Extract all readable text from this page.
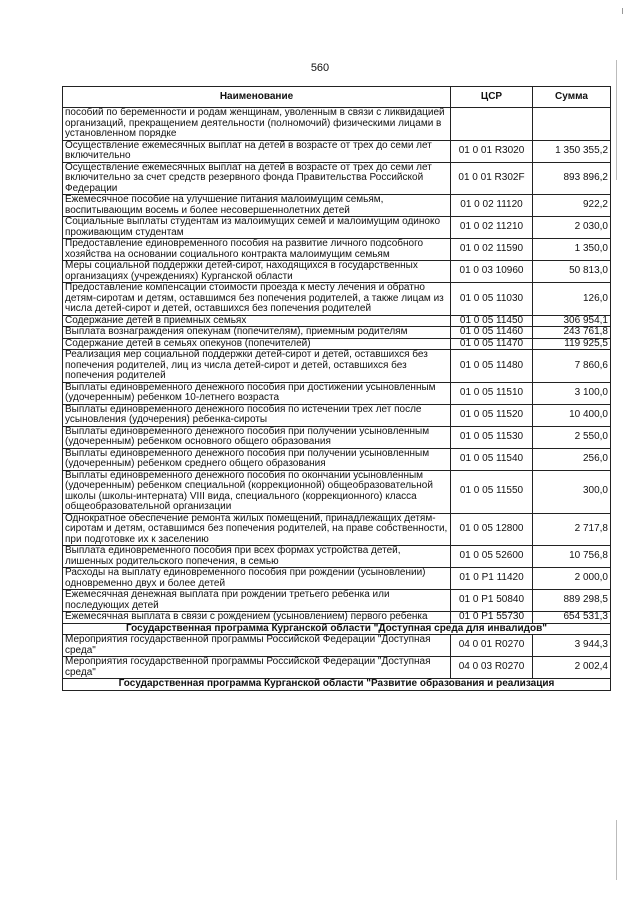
560
Наименование	ЦСР	Сумма
пособий по беременности и родам женщинам, уволенным в связи с ликвидацией организаций, прекращением деятельности (полномочий) физическими лицами в установленном порядке		
Осуществление ежемесячных выплат на детей в возрасте от трех до семи лет включительно	01 0 01 R3020	1 350 355,2
Осуществление ежемесячных выплат на детей в возрасте от трех до семи лет включительно за счет средств резервного фонда Правительства Российской Федерации	01 0 01 R302F	893 896,2
Ежемесячное пособие на улучшение питания малоимущим семьям, воспитывающим восемь и более несовершеннолетних детей	01 0 02 11120	922,2
Социальные выплаты студентам из малоимущих семей и малоимущим одиноко проживающим студентам	01 0 02 11210	2 030,0
Предоставление единовременного пособия на развитие личного подсобного хозяйства на основании социального контракта малоимущим семьям	01 0 02 11590	1 350,0
Меры социальной поддержки детей-сирот, находящихся в государственных организациях (учреждениях) Курганской области	01 0 03 10960	50 813,0
Предоставление компенсации стоимости проезда к месту лечения и обратно детям-сиротам и детям, оставшимся без попечения родителей, а также лицам из числа детей-сирот и детей, оставшихся без попечения родителей	01 0 05 11030	126,0
Содержание детей в приемных семьях	01 0 05 11450	306 954,1
Выплата вознаграждения опекунам (попечителям), приемным родителям	01 0 05 11460	243 761,8
Содержание детей в семьях опекунов (попечителей)	01 0 05 11470	119 925,5
Реализация мер социальной поддержки детей-сирот и детей, оставшихся без попечения родителей, лиц из числа детей-сирот и детей, оставшихся без попечения родителей	01 0 05 11480	7 860,6
Выплаты единовременного денежного пособия при достижении усыновленным (удочеренным) ребенком 10-летнего возраста	01 0 05 11510	3 100,0
Выплаты единовременного денежного пособия по истечении трех лет после усыновления (удочерения) ребенка-сироты	01 0 05 11520	10 400,0
Выплаты единовременного денежного пособия при получении усыновленным (удочеренным) ребенком основного общего образования	01 0 05 11530	2 550,0
Выплаты единовременного денежного пособия при получении усыновленным (удочеренным) ребенком среднего общего образования	01 0 05 11540	256,0
Выплаты единовременного денежного пособия по окончании усыновленным (удочеренным) ребенком специальной (коррекционной) общеобразовательной школы (школы-интерната) VIII вида, специального (коррекционного) класса общеобразовательной организации	01 0 05 11550	300,0
Однократное обеспечение ремонта жилых помещений, принадлежащих детям-сиротам и детям, оставшимся без попечения родителей, на праве собственности, при подготовке их к заселению	01 0 05 12800	2 717,8
Выплата единовременного пособия при всех формах устройства детей, лишенных родительского попечения, в семью	01 0 05 52600	10 756,8
Расходы на выплату единовременного пособия при рождении (усыновлении) одновременно двух и более детей	01 0 Р1 11420	2 000,0
Ежемесячная денежная выплата при рождении третьего ребенка или последующих детей	01 0 Р1 50840	889 298,5
Ежемесячная выплата в связи с рождением (усыновлением) первого ребенка	01 0 Р1 55730	654 531,3
Государственная программа Курганской области "Доступная среда для инвалидов"		
Мероприятия государственной программы Российской Федерации "Доступная среда"	04 0 01 R0270	3 944,3
Мероприятия государственной программы Российской Федерации "Доступная среда"	04 0 03 R0270	2 002,4
Государственная программа Курганской области "Развитие образования и реализация		
